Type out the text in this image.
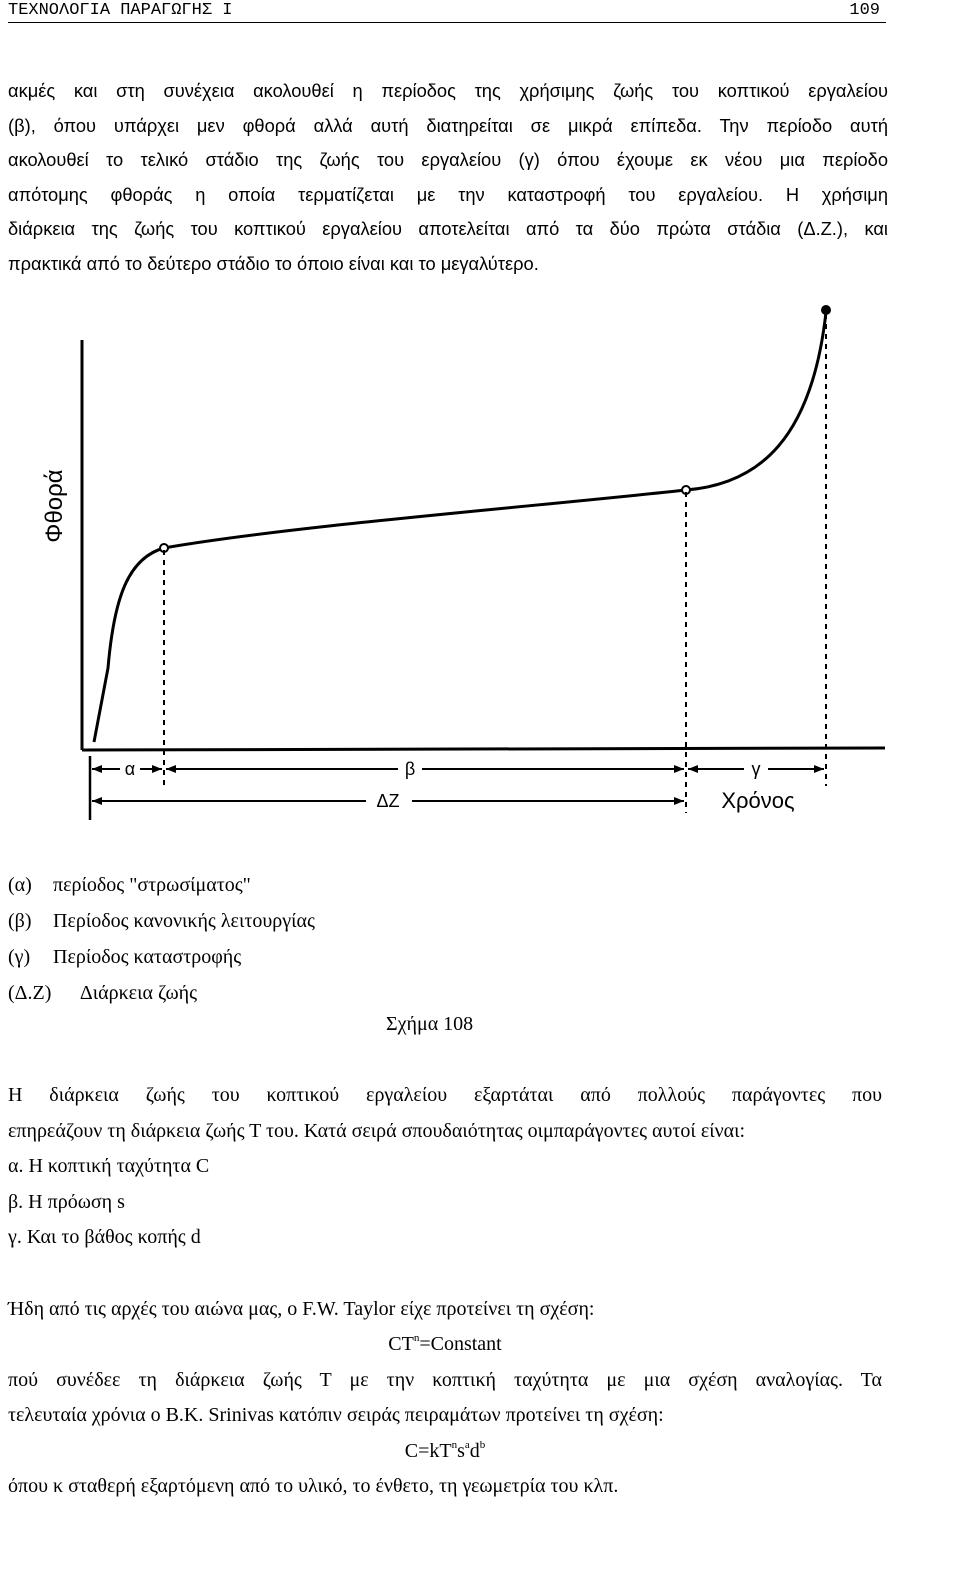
ΤΕΧΝΟΛΟΓΙΑ ΠΑΡΑΓΩΓΗΣ Ι	109

ακμές και στη συνέχεια ακολουθεί η περίοδος της χρήσιμης ζωής του κοπτικού εργαλείου

(β), όπου υπάρχει μεν φθορά αλλά αυτή διατηρείται σε μικρά επίπεδα. Την περίοδο αυτή

ακολουθεί το τελικό στάδιο της ζωής του εργαλείου (γ) όπου έχουμε εκ νέου μια περίοδο

απότομης φθοράς η οποία τερματίζεται με την καταστροφή του εργαλείου. Η χρήσιμη

διάρκεια της ζωής του κοπτικού εργαλείου αποτελείται από τα δύο πρώτα στάδια (Δ.Ζ.), και

πρακτικά από το δεύτερο στάδιο το όποιο είναι και το μεγαλύτερο.

Φθορά
α	β	γ
ΔΖ	Χρόνος
(α) περίοδος "στρωσίματος"
(β) Περίοδος κανονικής λειτουργίας
(γ) Περίοδος καταστροφής
(Δ.Ζ) Διάρκεια ζωής
Σχήμα 108

Η διάρκεια ζωής του κοπτικού εργαλείου εξαρτάται από πολλούς παράγοντες που

επηρεάζουν τη διάρκεια ζωής Τ του. Κατά σειρά σπουδαιότητας οιμπαράγοντες αυτοί είναι:

α. Η κοπτική ταχύτητα C

β. Η πρόωση s

γ. Και το βάθος κοπής d

Ήδη από τις αρχές του αιώνα μας, ο F.W. Taylor είχε προτείνει τη σχέση:

$CT^n=Constant$

πού συνέδεε τη διάρκεια ζωής Τ με την κοπτική ταχύτητα με μια σχέση αναλογίας. Τα

τελευταία χρόνια ο B.K. Srinivas κατόπιν σειράς πειραμάτων προτείνει τη σχέση:

$C=kT^ns^ad^b$

όπου κ σταθερή εξαρτόμενη από το υλικό, το ένθετο, τη γεωμετρία του κλπ.
